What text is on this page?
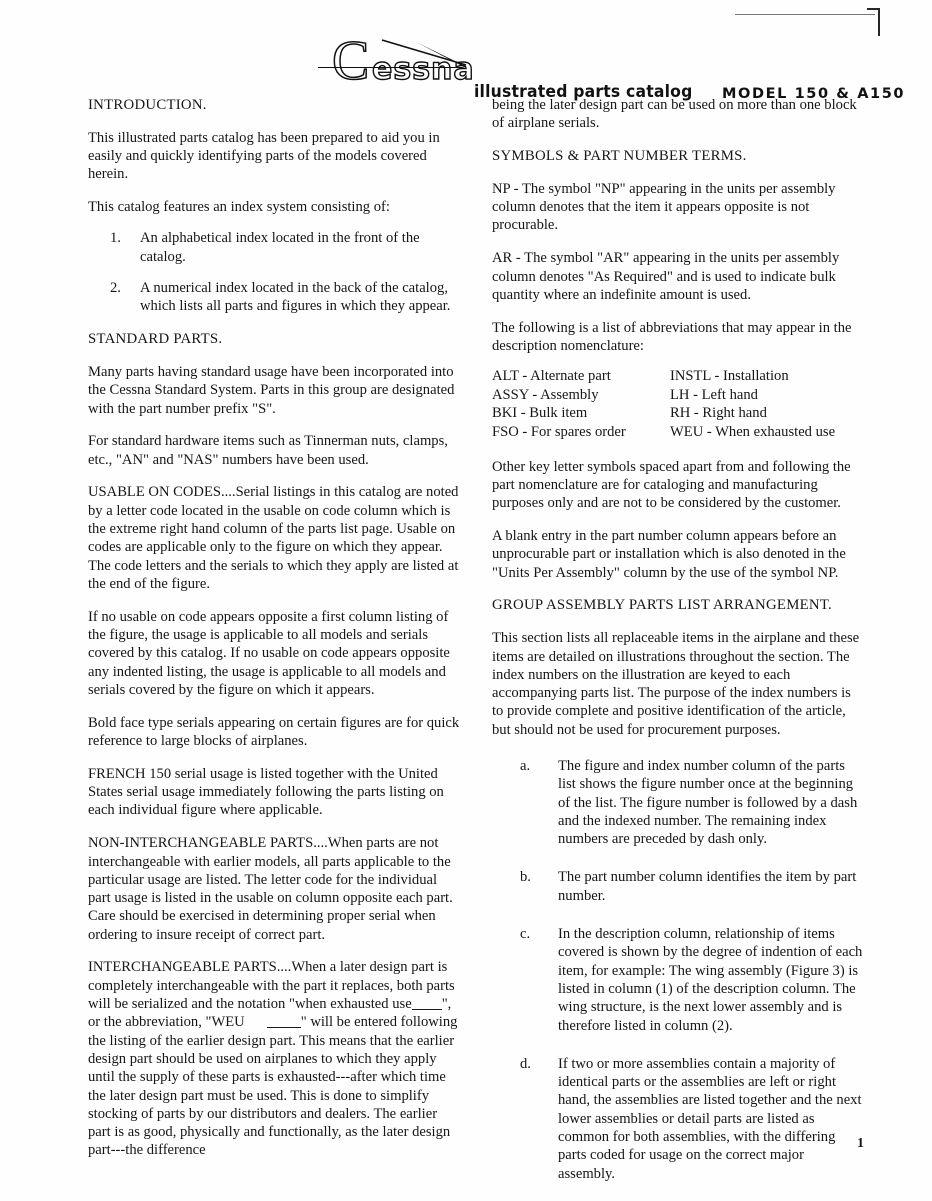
C essna
illustrated parts catalog MODEL 150 & A150
INTRODUCTION.

This illustrated parts catalog has been prepared to aid you in easily and quickly identifying parts of the models covered herein.

This catalog features an index system consisting of:

1.	An alphabetical index located in the front of the catalog.
2.	A numerical index located in the back of the catalog, which lists all parts and figures in which they appear.
STANDARD PARTS.

Many parts having standard usage have been incorporated into the Cessna Standard System. Parts in this group are designated with the part number prefix "S".

For standard hardware items such as Tinnerman nuts, clamps, etc., "AN" and "NAS" numbers have been used.

USABLE ON CODES....Serial listings in this catalog are noted by a letter code located in the usable on code column which is the extreme right hand column of the parts list page. Usable on codes are applicable only to the figure on which they appear. The code letters and the serials to which they apply are listed at the end of the figure.

If no usable on code appears opposite a first column listing of the figure, the usage is applicable to all models and serials covered by this catalog. If no usable on code appears opposite any indented listing, the usage is applicable to all models and serials covered by the figure on which it appears.

Bold face type serials appearing on certain figures are for quick reference to large blocks of airplanes.

FRENCH 150 serial usage is listed together with the United States serial usage immediately following the parts listing on each individual figure where applicable.

NON-INTERCHANGEABLE PARTS....When parts are not interchangeable with earlier models, all parts applicable to the particular usage are listed. The letter code for the individual part usage is listed in the usable on column opposite each part. Care should be exercised in determining proper serial when ordering to insure receipt of correct part.

INTERCHANGEABLE PARTS....When a later design part is completely interchangeable with the part it replaces, both parts will be serialized and the notation "when exhausted use ", or the abbreviation, "WEU	" will be entered following the listing of the earlier design part. This means that the earlier design part should be used on airplanes to which they apply until the supply of these parts is exhausted---after which time the later design part must be used. This is done to simplify stocking of parts by our distributors and dealers. The earlier part is as good, physically and functionally, as the later design part---the difference

being the later design part can be used on more than one block of airplane serials.

SYMBOLS & PART NUMBER TERMS.

NP - The symbol "NP" appearing in the units per assembly column denotes that the item it appears opposite is not procurable.

AR - The symbol "AR" appearing in the units per assembly column denotes "As Required" and is used to indicate bulk quantity where an indefinite amount is used.

The following is a list of abbreviations that may appear in the description nomenclature:

ALT - Alternate part	INSTL - Installation
ASSY - Assembly	LH - Left hand
BKI - Bulk item	RH - Right hand
FSO - For spares order	WEU - When exhausted use

Other key letter symbols spaced apart from and following the part nomenclature are for cataloging and manufacturing purposes only and are not to be considered by the customer.

A blank entry in the part number column appears before an unprocurable part or installation which is also denoted in the "Units Per Assembly" column by the use of the symbol NP.

GROUP ASSEMBLY PARTS LIST ARRANGEMENT.

This section lists all replaceable items in the airplane and these items are detailed on illustrations throughout the section. The index numbers on the illustration are keyed to each accompanying parts list. The purpose of the index numbers is to provide complete and positive identification of the article, but should not be used for procurement purposes.

a.	The figure and index number column of the parts list shows the figure number once at the beginning of the list. The figure number is followed by a dash and the indexed number. The remaining index numbers are preceded by dash only.
b.	The part number column identifies the item by part number.
c.	In the description column, relationship of items covered is shown by the degree of indention of each item, for example: The wing assembly (Figure 3) is listed in column (1) of the description column. The wing structure, is the next lower assembly and is therefore listed in column (2).
d.	If two or more assemblies contain a majority of identical parts or the assemblies are left or right hand, the assemblies are listed together and the next lower assemblies or detail parts are listed as common for both assemblies, with the differing parts coded for usage on the correct major assembly.
1
